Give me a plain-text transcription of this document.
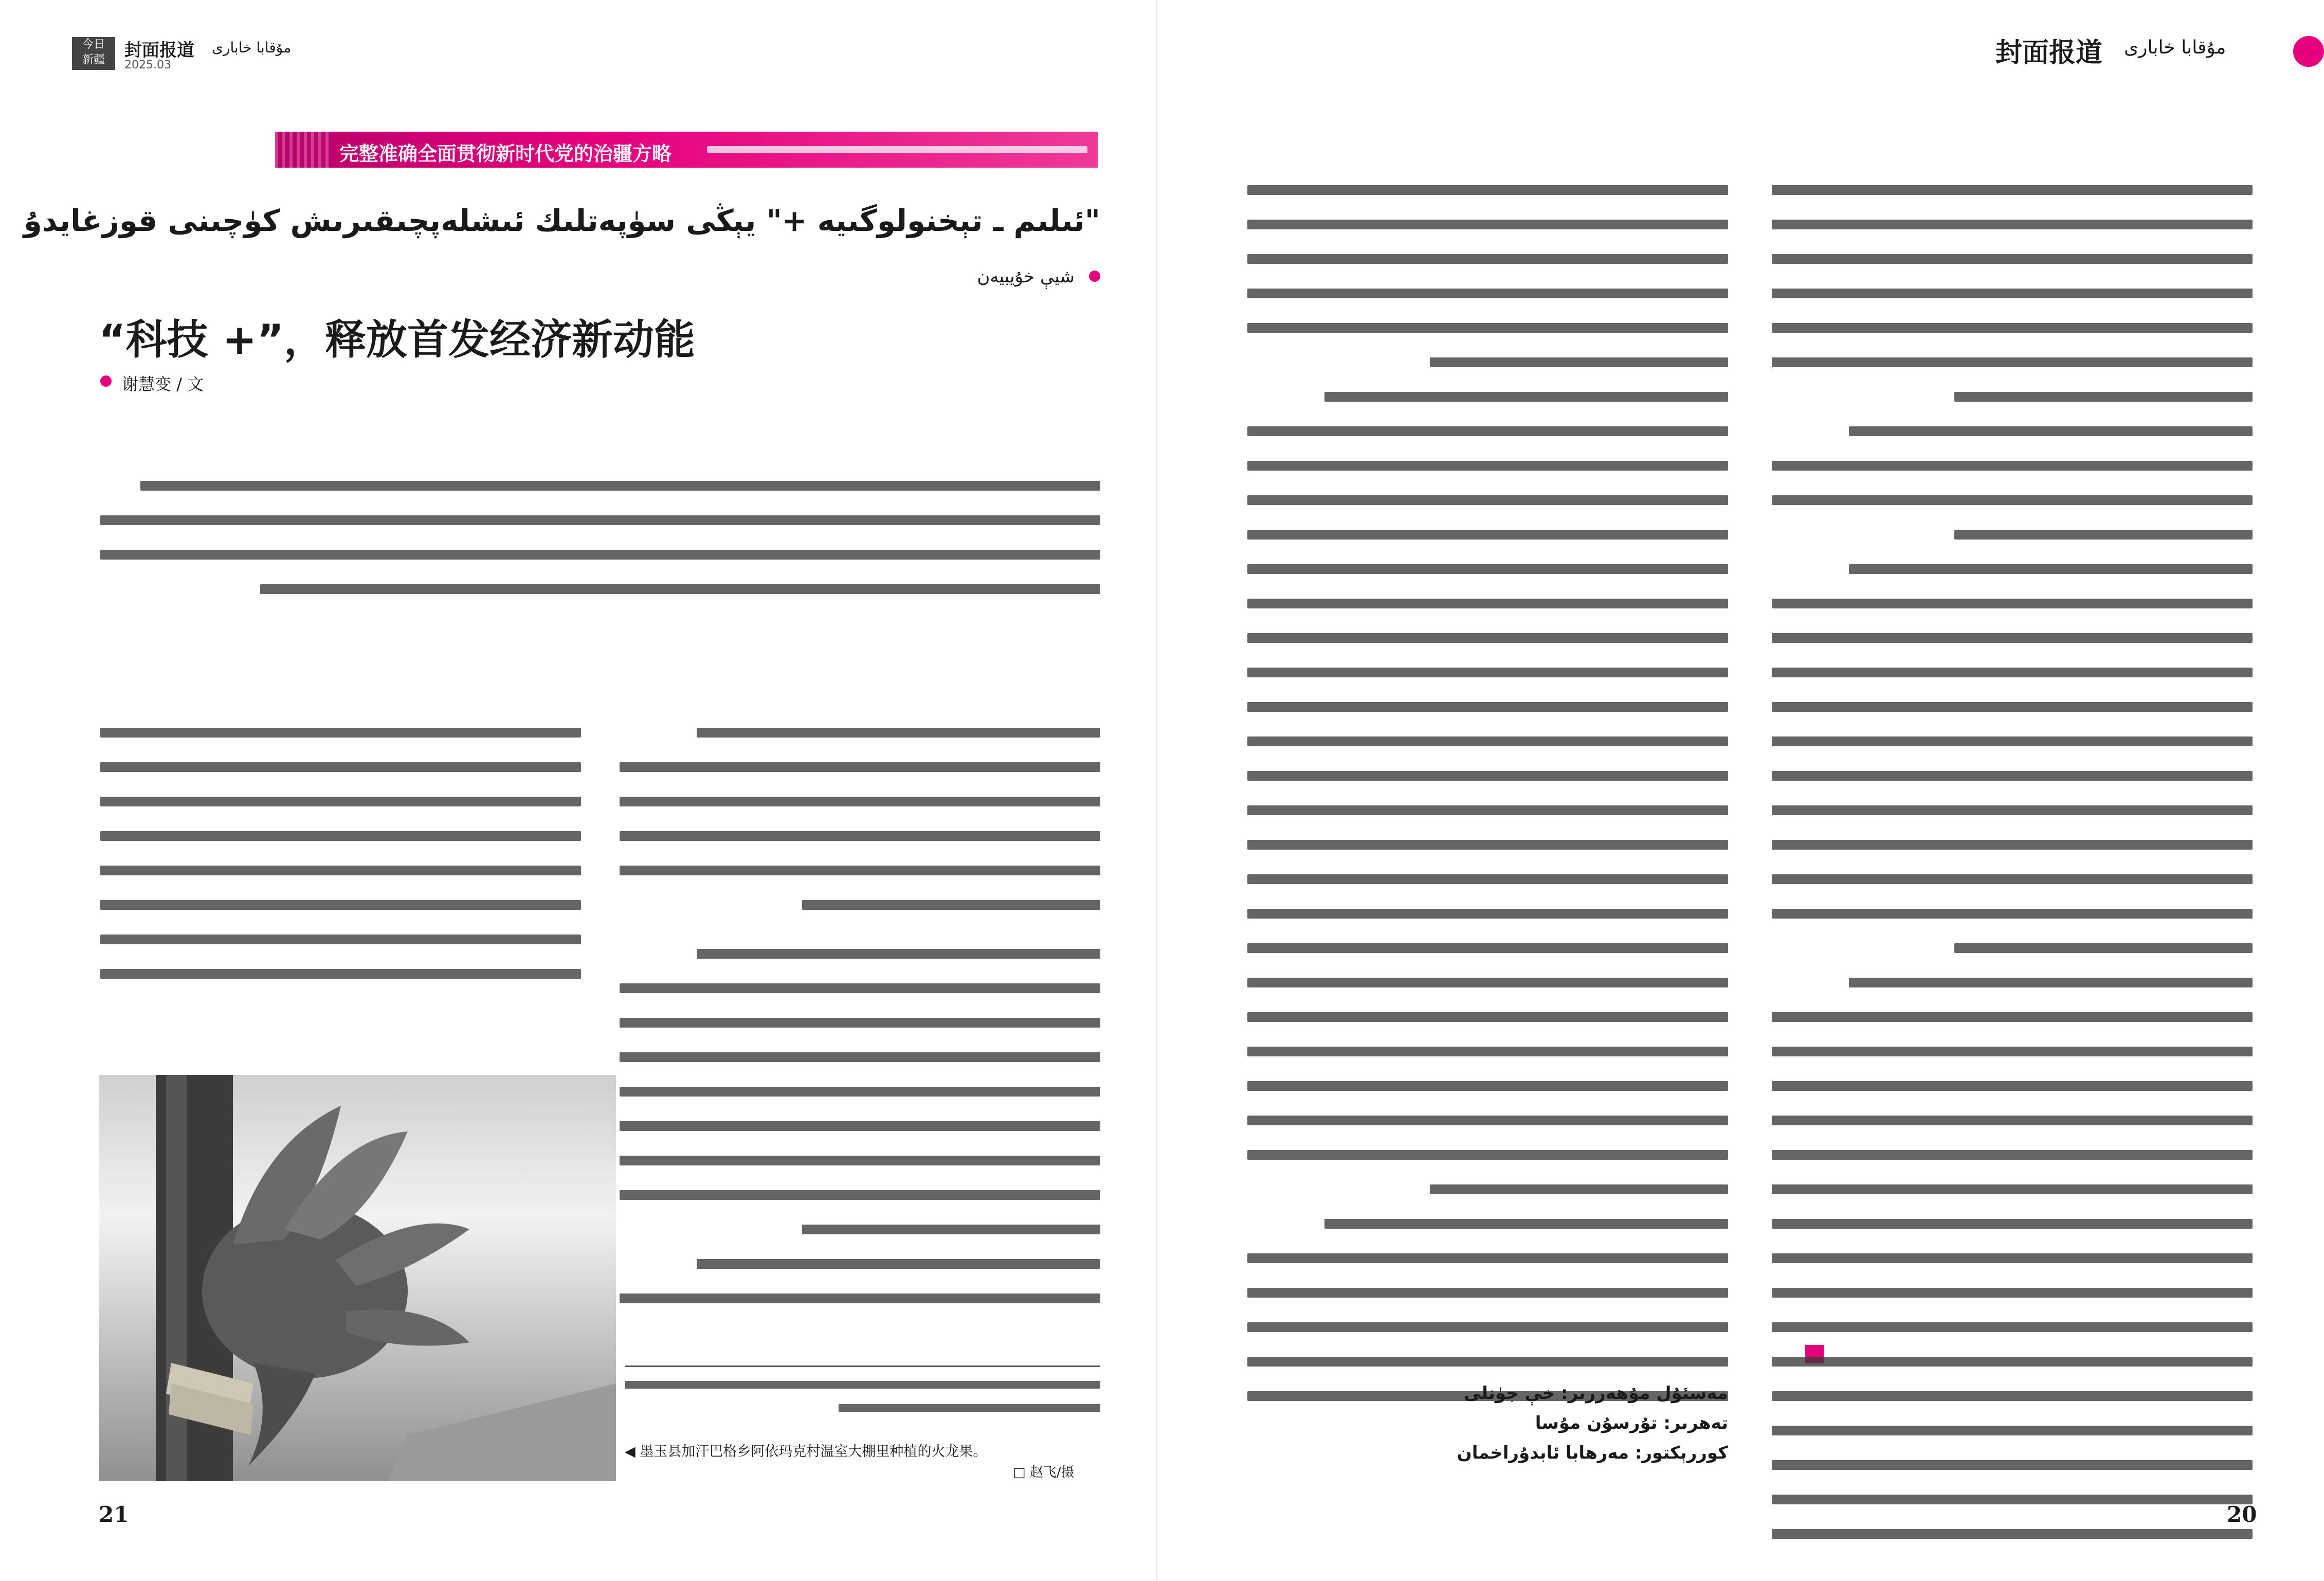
今日
新疆	封面报道 مۇقابا خابارى
2025.03
完整准确全面贯彻新时代党的治疆方略
"ئىلىم ـ تېخنولوگىيە +" يېڭى سۈپەتلىك ئىشلەپچىقىرىش كۈچىنى قوزغايدۇ
شيې خۇيبيەن
“科技 +”，释放首发经济新动能
谢慧变 / 文
◀ 墨玉县加汗巴格乡阿依玛克村温室大棚里种植的火龙果。
□ 赵飞/摄
21
封面报道 مۇقابا خابارى
مەسئۇل مۇھەررىر: خې جۈنلى
تەھرىر: تۇرسۇن مۇسا
كوررېكتور: مەرھابا ئابدۇراخمان
20
